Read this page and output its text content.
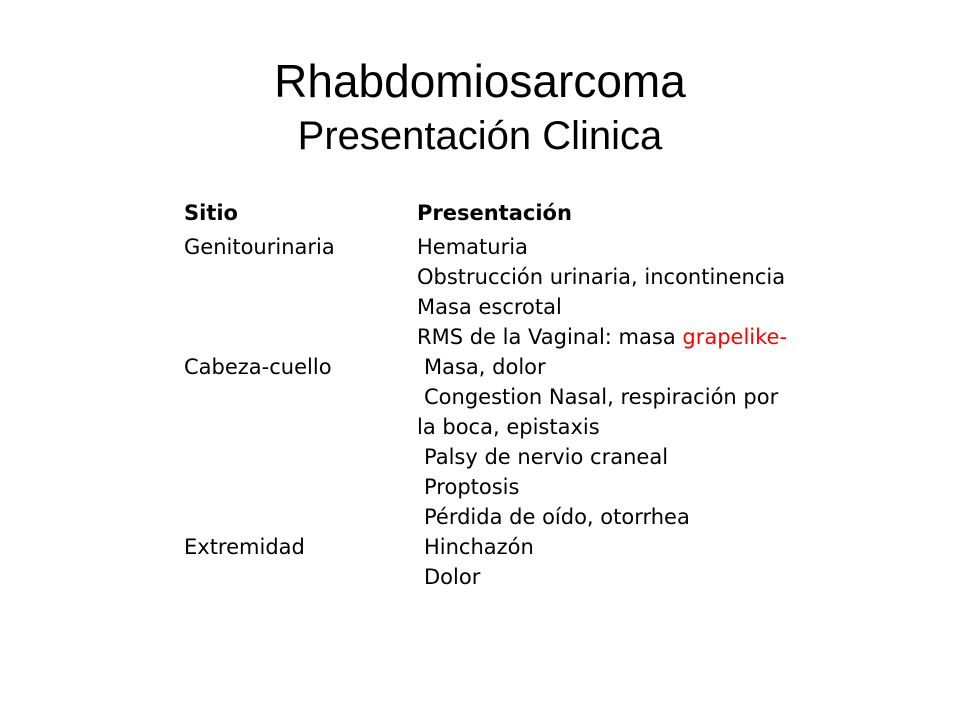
Rhabdomiosarcoma
Presentación Clinica
Sitio	Presentación
Genitourinaria	Hematuria
Obstrucción urinaria, incontinencia
Masa escrotal
RMS de la Vaginal: masa grapelike-
Cabeza-cuello	Masa, dolor
Congestion Nasal, respiración por
la boca, epistaxis
Palsy de nervio craneal
Proptosis
Pérdida de oído, otorrhea
Extremidad	Hinchazón
Dolor
